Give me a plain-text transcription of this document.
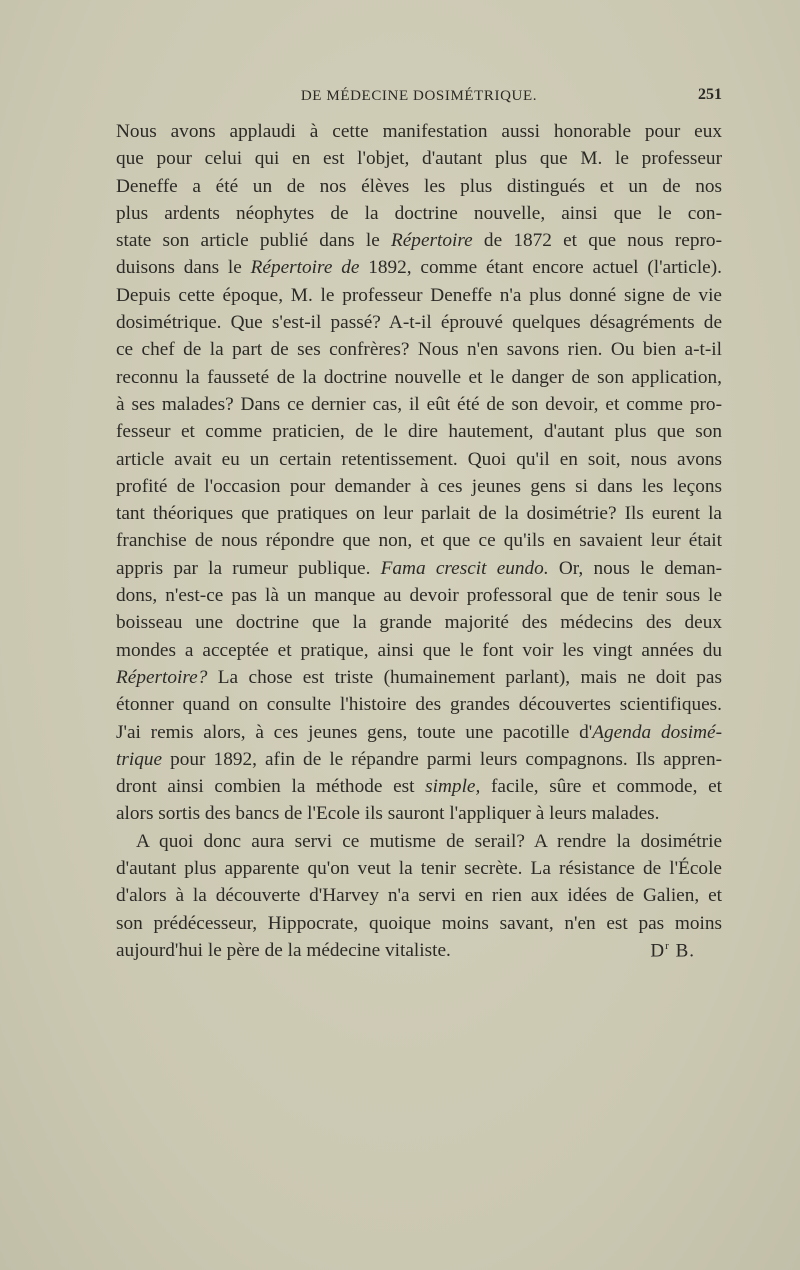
DE MÉDECINE DOSIMÉTRIQUE.	251
Nous avons applaudi à cette manifestation aussi honorable pour eux
que pour celui qui en est l'objet, d'autant plus que M. le professeur
Deneffe a été un de nos élèves les plus distingués et un de nos
plus ardents néophytes de la doctrine nouvelle, ainsi que le con-
state son article publié dans le Répertoire de 1872 et que nous repro-
duisons dans le Répertoire de 1892, comme étant encore actuel (l'article).
Depuis cette époque, M. le professeur Deneffe n'a plus donné signe de vie
dosimétrique. Que s'est-il passé? A-t-il éprouvé quelques désagréments de
ce chef de la part de ses confrères? Nous n'en savons rien. Ou bien a-t-il
reconnu la fausseté de la doctrine nouvelle et le danger de son application,
à ses malades? Dans ce dernier cas, il eût été de son devoir, et comme pro-
fesseur et comme praticien, de le dire hautement, d'autant plus que son
article avait eu un certain retentissement. Quoi qu'il en soit, nous avons
profité de l'occasion pour demander à ces jeunes gens si dans les leçons
tant théoriques que pratiques on leur parlait de la dosimétrie? Ils eurent la
franchise de nous répondre que non, et que ce qu'ils en savaient leur était
appris par la rumeur publique. Fama crescit eundo. Or, nous le deman-
dons, n'est-ce pas là un manque au devoir professoral que de tenir sous le
boisseau une doctrine que la grande majorité des médecins des deux
mondes a acceptée et pratique, ainsi que le font voir les vingt années du
Répertoire? La chose est triste (humainement parlant), mais ne doit pas
étonner quand on consulte l'histoire des grandes découvertes scientifiques.
J'ai remis alors, à ces jeunes gens, toute une pacotille d'Agenda dosimé-
trique pour 1892, afin de le répandre parmi leurs compagnons. Ils appren-
dront ainsi combien la méthode est simple, facile, sûre et commode, et
alors sortis des bancs de l'Ecole ils sauront l'appliquer à leurs malades.
A quoi donc aura servi ce mutisme de serail? A rendre la dosimétrie
d'autant plus apparente qu'on veut la tenir secrète. La résistance de l'École
d'alors à la découverte d'Harvey n'a servi en rien aux idées de Galien, et
son prédécesseur, Hippocrate, quoique moins savant, n'en est pas moins
aujourd'hui le père de la médecine vitaliste.	$D^r$ B.
